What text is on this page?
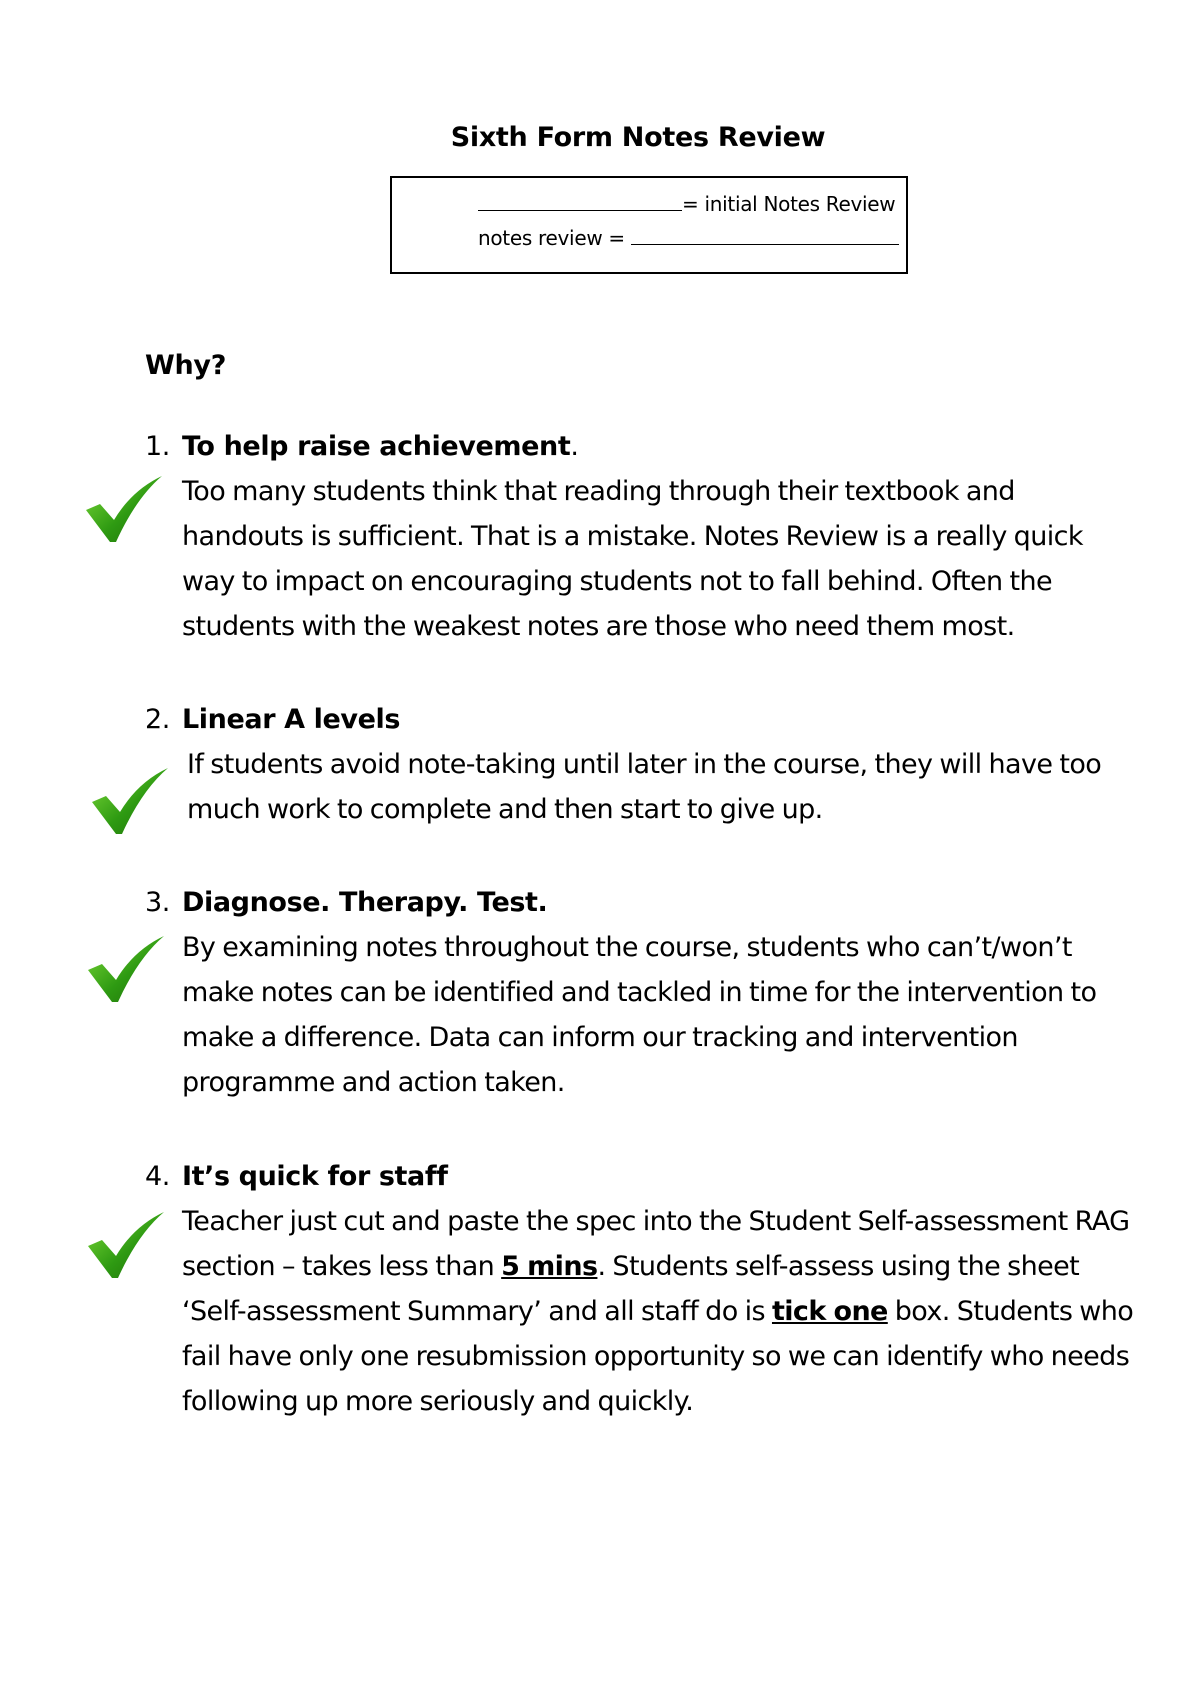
Sixth Form Notes Review
= initial Notes Review
notes review =
Why?
1. To help raise achievement.
Too many students think that reading through their textbook and handouts is sufficient. That is a mistake. Notes Review is a really quick way to impact on encouraging students not to fall behind. Often the students with the weakest notes are those who need them most.
2. Linear A levels
If students avoid note-taking until later in the course, they will have too much work to complete and then start to give up.
3. Diagnose. Therapy. Test.
By examining notes throughout the course, students who can’t/won’t make notes can be identified and tackled in time for the intervention to make a difference. Data can inform our tracking and intervention programme and action taken.
4. It’s quick for staff
Teacher just cut and paste the spec into the Student Self-assessment RAG section – takes less than 5 mins. Students self-assess using the sheet ‘Self-assessment Summary’ and all staff do is tick one box. Students who fail have only one resubmission opportunity so we can identify who needs following up more seriously and quickly.
